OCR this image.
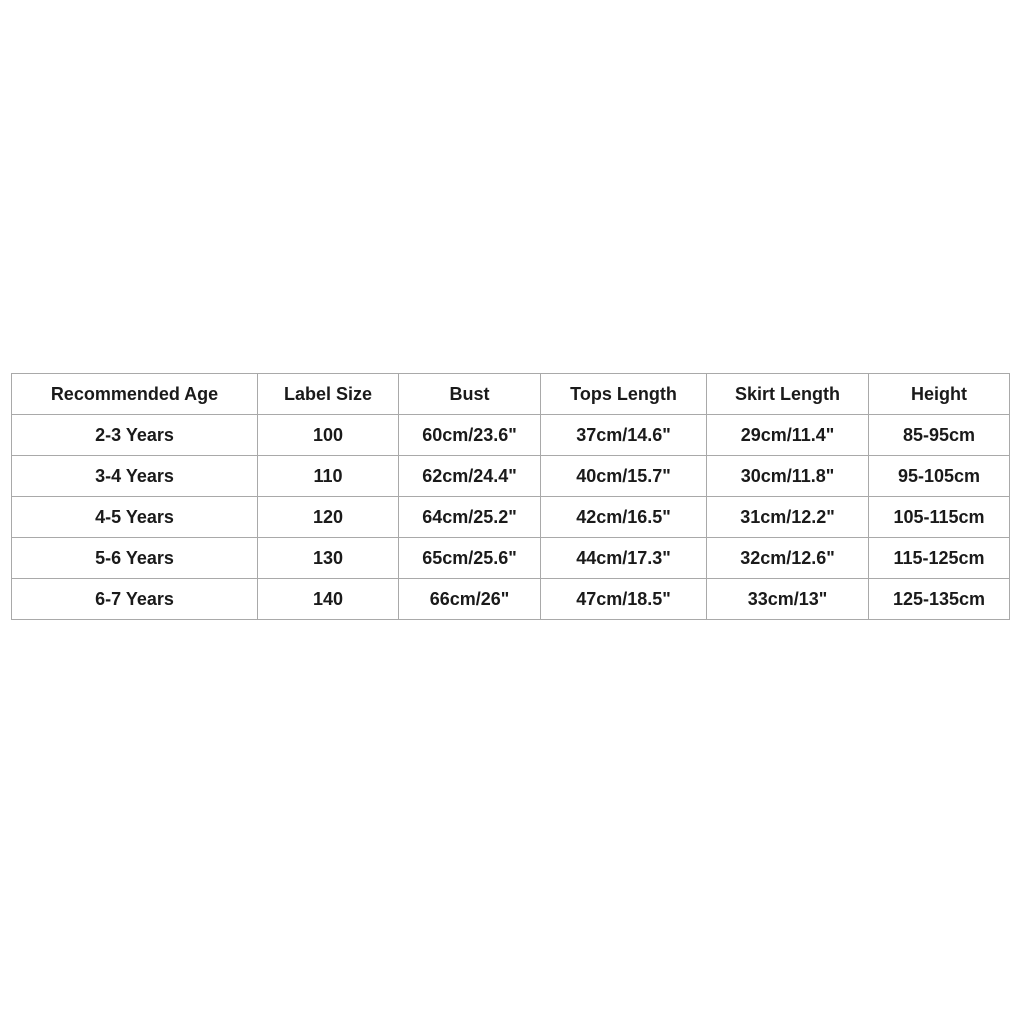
Recommended Age	Label Size	Bust	Tops Length	Skirt Length	Height
2-3 Years	100	60cm/23.6"	37cm/14.6"	29cm/11.4"	85-95cm
3-4 Years	110	62cm/24.4"	40cm/15.7"	30cm/11.8"	95-105cm
4-5 Years	120	64cm/25.2"	42cm/16.5"	31cm/12.2"	105-115cm
5-6 Years	130	65cm/25.6"	44cm/17.3"	32cm/12.6"	115-125cm
6-7 Years	140	66cm/26"	47cm/18.5"	33cm/13"	125-135cm
